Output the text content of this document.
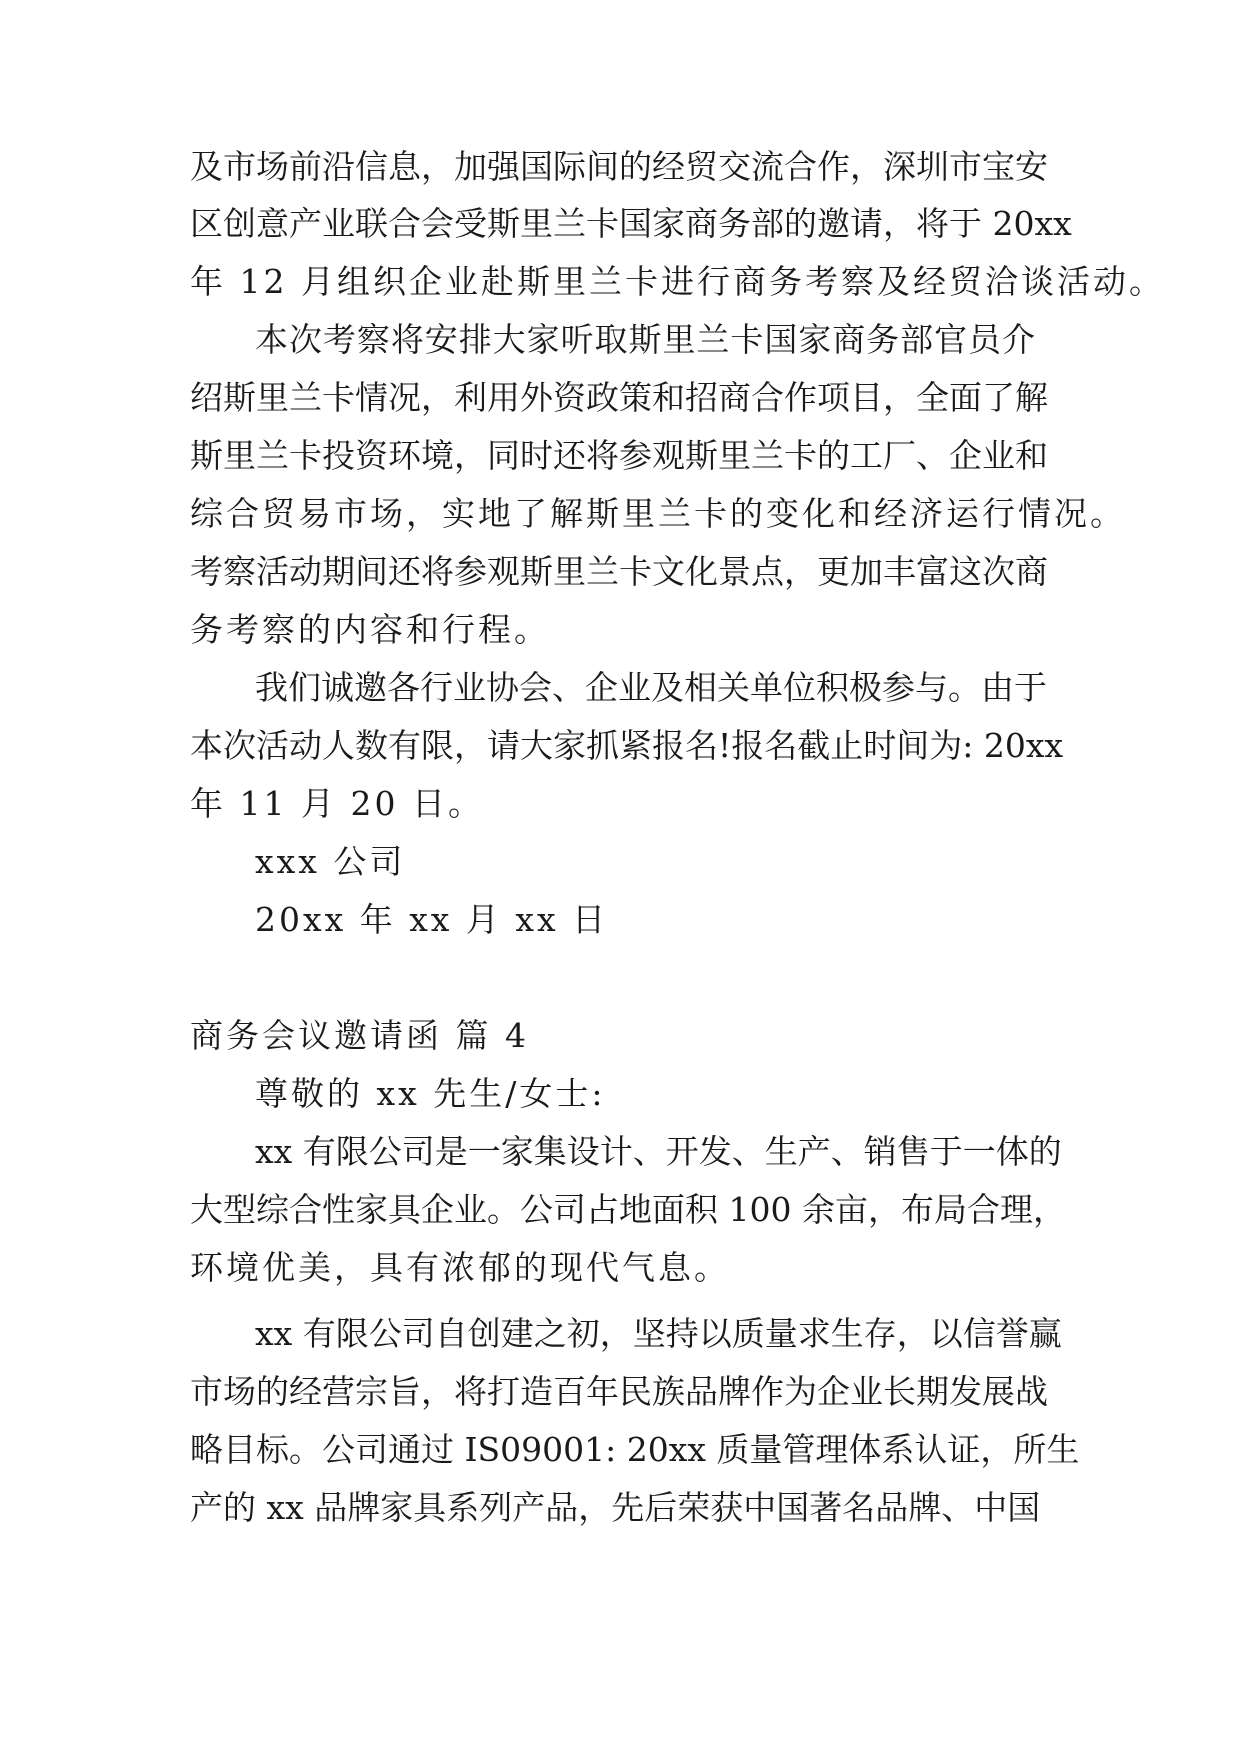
及市场前沿信息，加强国际间的经贸交流合作，深圳市宝安
区创意产业联合会受斯里兰卡国家商务部的邀请，将于 20xx
年 12 月组织企业赴斯里兰卡进行商务考察及经贸洽谈活动。
本次考察将安排大家听取斯里兰卡国家商务部官员介
绍斯里兰卡情况，利用外资政策和招商合作项目，全面了解
斯里兰卡投资环境，同时还将参观斯里兰卡的工厂、企业和
综合贸易市场，实地了解斯里兰卡的变化和经济运行情况。
考察活动期间还将参观斯里兰卡文化景点，更加丰富这次商
务考察的内容和行程。
我们诚邀各行业协会、企业及相关单位积极参与。由于
本次活动人数有限，请大家抓紧报名!报名截止时间为: 20xx
年 11 月 20 日。
xxx 公司
20xx 年 xx 月 xx 日
商务会议邀请函 篇 4
尊敬的 xx 先生/女士:
xx 有限公司是一家集设计、开发、生产、销售于一体的
大型综合性家具企业。公司占地面积 100 余亩，布局合理，
环境优美，具有浓郁的现代气息。
xx 有限公司自创建之初，坚持以质量求生存，以信誉赢
市场的经营宗旨，将打造百年民族品牌作为企业长期发展战
略目标。公司通过 IS09001: 20xx 质量管理体系认证，所生
产的 xx 品牌家具系列产品，先后荣获中国著名品牌、中国
